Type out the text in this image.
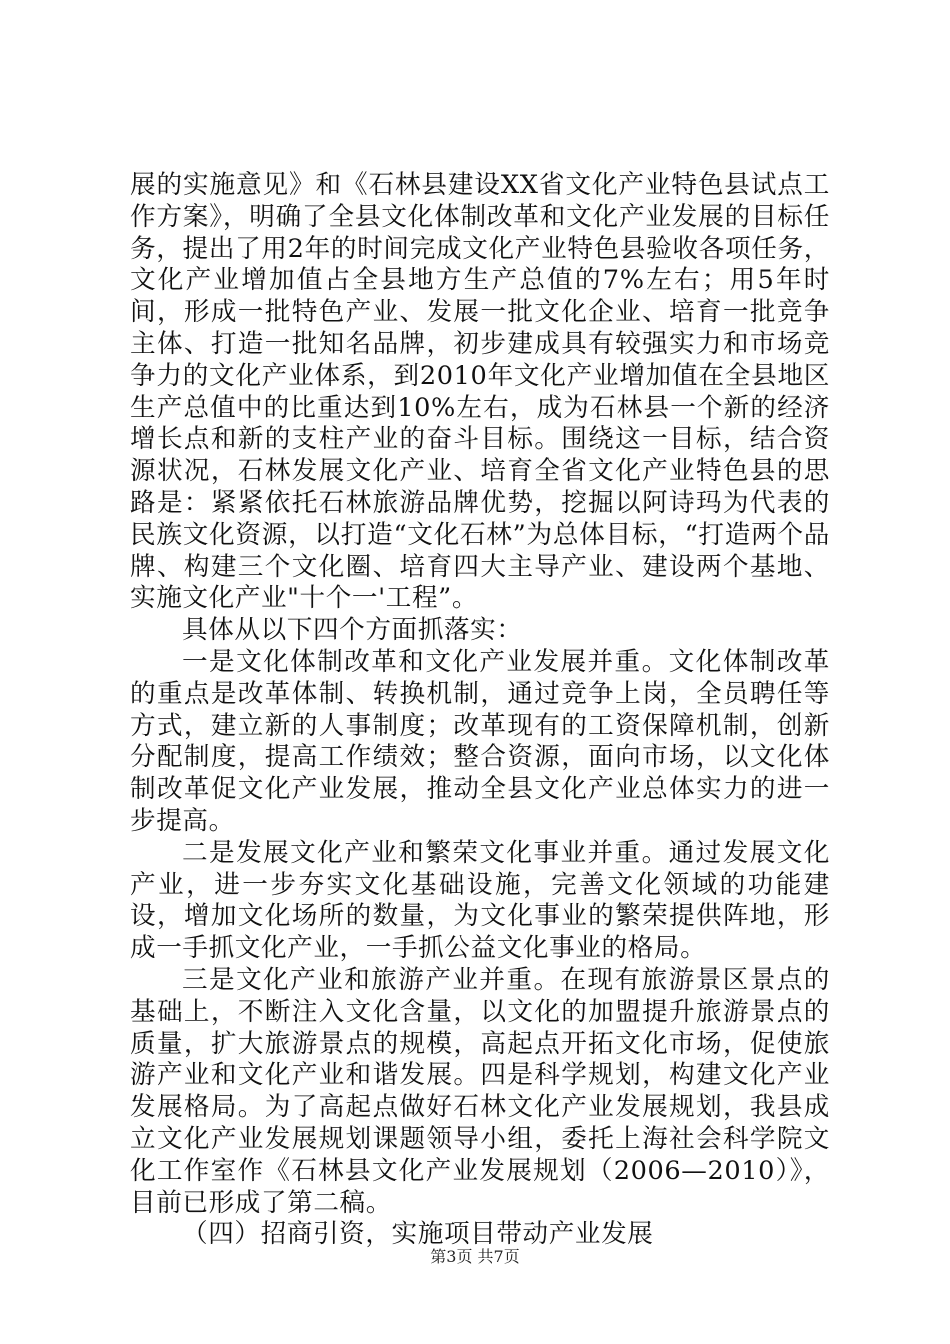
展的实施意见》和《石林县建设XX省文化产业特色县试点工作方案》，明确了全县文化体制改革和文化产业发展的目标任务，提出了用2年的时间完成文化产业特色县验收各项任务，文化产业增加值占全县地方生产总值的7%左右；用5年时间，形成一批特色产业、发展一批文化企业、培育一批竞争主体、打造一批知名品牌，初步建成具有较强实力和市场竞争力的文化产业体系，到2010年文化产业增加值在全县地区生产总值中的比重达到10%左右，成为石林县一个新的经济增长点和新的支柱产业的奋斗目标。围绕这一目标，结合资源状况，石林发展文化产业、培育全省文化产业特色县的思路是：紧紧依托石林旅游品牌优势，挖掘以阿诗玛为代表的民族文化资源，以打造“文化石林”为总体目标，“打造两个品牌、构建三个文化圈、培育四大主导产业、建设两个基地、实施文化产业"十个一'工程”。

具体从以下四个方面抓落实：

一是文化体制改革和文化产业发展并重。文化体制改革的重点是改革体制、转换机制，通过竞争上岗，全员聘任等方式，建立新的人事制度；改革现有的工资保障机制，创新分配制度，提高工作绩效；整合资源，面向市场，以文化体制改革促文化产业发展，推动全县文化产业总体实力的进一步提高。

二是发展文化产业和繁荣文化事业并重。通过发展文化产业，进一步夯实文化基础设施，完善文化领域的功能建设，增加文化场所的数量，为文化事业的繁荣提供阵地，形成一手抓文化产业，一手抓公益文化事业的格局。

三是文化产业和旅游产业并重。在现有旅游景区景点的基础上，不断注入文化含量，以文化的加盟提升旅游景点的质量，扩大旅游景点的规模，高起点开拓文化市场，促使旅游产业和文化产业和谐发展。四是科学规划，构建文化产业发展格局。为了高起点做好石林文化产业发展规划，我县成立文化产业发展规划课题领导小组，委托上海社会科学院文化工作室作《石林县文化产业发展规划（2006—2010）》，目前已形成了第二稿。

（四）招商引资，实施项目带动产业发展

第3页 共7页
